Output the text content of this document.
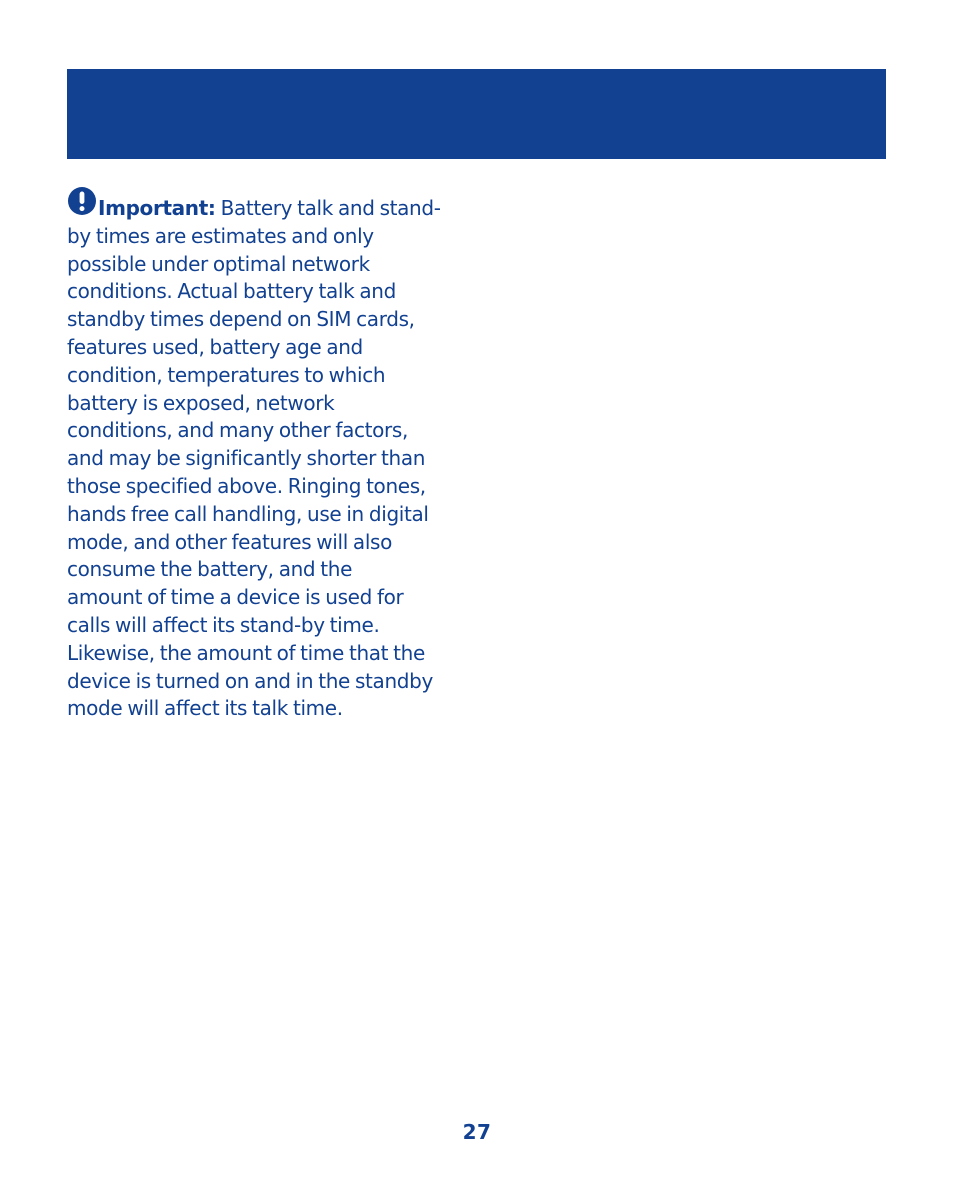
Important: Battery talk and stand-
by times are estimates and only
possible under optimal network
conditions. Actual battery talk and
standby times depend on SIM cards,
features used, battery age and
condition, temperatures to which
battery is exposed, network
conditions, and many other factors,
and may be significantly shorter than
those specified above. Ringing tones,
hands free call handling, use in digital
mode, and other features will also
consume the battery, and the
amount of time a device is used for
calls will affect its stand-by time.
Likewise, the amount of time that the
device is turned on and in the standby
mode will affect its talk time.

27
